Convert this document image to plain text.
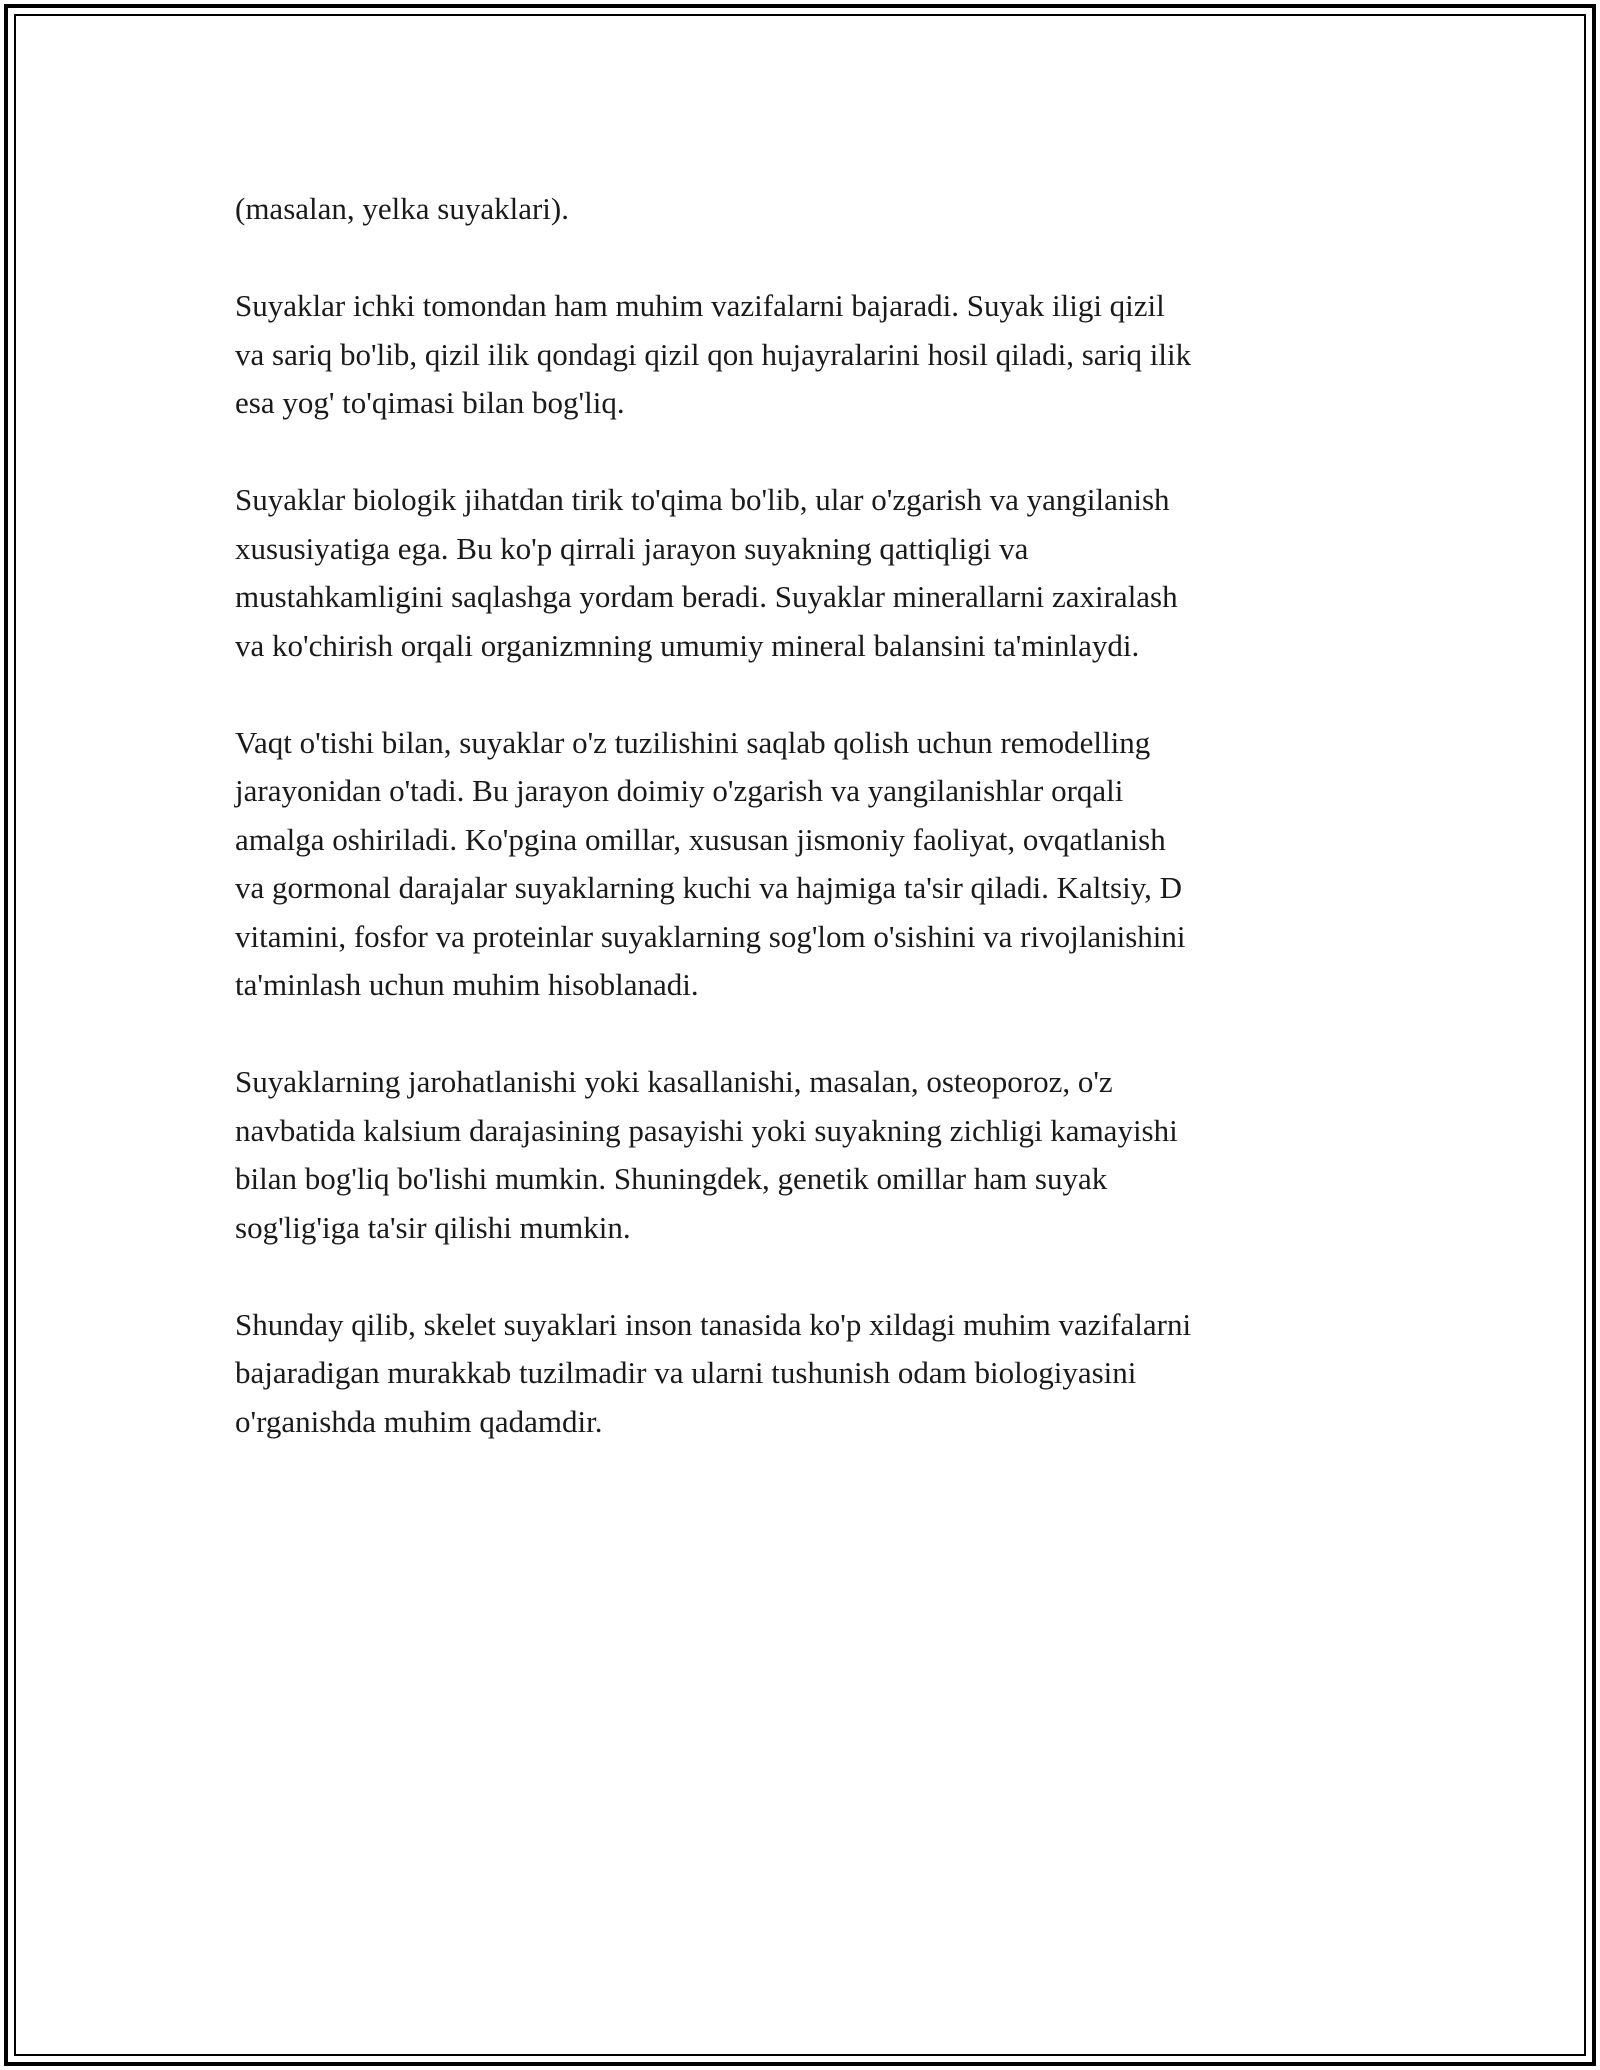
(masalan, yelka suyaklari).

Suyaklar ichki tomondan ham muhim vazifalarni bajaradi. Suyak iligi qizil
va sariq bo'lib, qizil ilik qondagi qizil qon hujayralarini hosil qiladi, sariq ilik
esa yog' to'qimasi bilan bog'liq.

Suyaklar biologik jihatdan tirik to'qima bo'lib, ular o'zgarish va yangilanish
xususiyatiga ega. Bu ko'p qirrali jarayon suyakning qattiqligi va
mustahkamligini saqlashga yordam beradi. Suyaklar minerallarni zaxiralash
va ko'chirish orqali organizmning umumiy mineral balansini ta'minlaydi.

Vaqt o'tishi bilan, suyaklar o'z tuzilishini saqlab qolish uchun remodelling
jarayonidan o'tadi. Bu jarayon doimiy o'zgarish va yangilanishlar orqali
amalga oshiriladi. Ko'pgina omillar, xususan jismoniy faoliyat, ovqatlanish
va gormonal darajalar suyaklarning kuchi va hajmiga ta'sir qiladi. Kaltsiy, D
vitamini, fosfor va proteinlar suyaklarning sog'lom o'sishini va rivojlanishini
ta'minlash uchun muhim hisoblanadi.

Suyaklarning jarohatlanishi yoki kasallanishi, masalan, osteoporoz, o'z
navbatida kalsium darajasining pasayishi yoki suyakning zichligi kamayishi
bilan bog'liq bo'lishi mumkin. Shuningdek, genetik omillar ham suyak
sog'lig'iga ta'sir qilishi mumkin.

Shunday qilib, skelet suyaklari inson tanasida ko'p xildagi muhim vazifalarni
bajaradigan murakkab tuzilmadir va ularni tushunish odam biologiyasini
o'rganishda muhim qadamdir.
